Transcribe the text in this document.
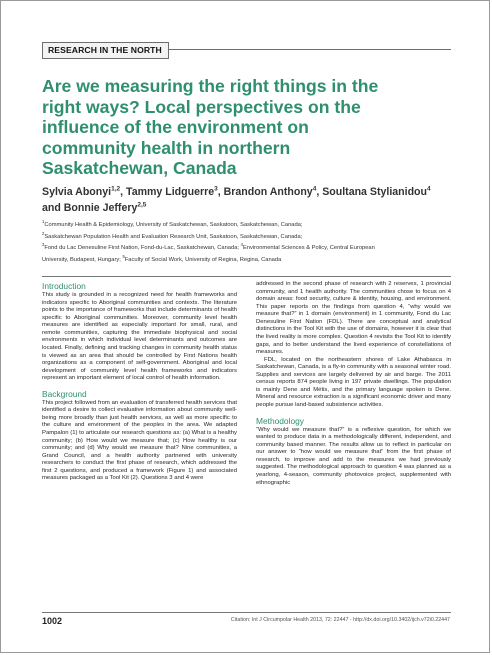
RESEARCH IN THE NORTH
Are we measuring the right things in the right ways? Local perspectives on the influence of the environment on community health in northern Saskatchewan, Canada

Sylvia Abonyi$^{1,2}$, Tammy Lidguerre$^3$, Brandon Anthony$^4$, Soultana Stylianidou$^4$ and Bonnie Jeffery$^{2,5}$

$^1$Community Health & Epidemiology, University of Saskatchewan, Saskatoon, Saskatchewan, Canada;
$^2$Saskatchewan Population Health and Evaluation Research Unit, Saskatoon, Saskatchewan, Canada;
$^3$Fond du Lac Denesuline First Nation, Fond-du-Lac, Saskatchewan, Canada; $^4$Environmental Sciences & Policy, Central European University, Budapest, Hungary; $^5$Faculty of Social Work, University of Regina, Regina, Canada

Introduction

This study is grounded in a recognized need for health frameworks and indicators specific to Aboriginal communities and contexts. The literature points to the importance of frameworks that include determinants of health specific to Aboriginal communities. Moreover, community level health measures are identified as especially important for small, rural, and remote communities, capturing the immediate biophysical and social environments in which individual level determinants and outcomes are located. Finally, defining and tracking changes in community health status is viewed as an area that should be controlled by First Nations health organizations as a component of self-government. Aboriginal and local development of community level health frameworks and indicators represent an important element of local control of health information.

Background

This project followed from an evaluation of transferred health services that identified a desire to collect evaluative information about community well-being more broadly than just health services, as well as more specific to the culture and environment of the peoples in the area. We adapted Pampalon (1) to articulate our research questions as: (a) What is a healthy community; (b) How would we measure that; (c) How healthy is our community; and (d) Why would we measure that? Nine communities, a Grand Council, and a health authority partnered with university researchers to conduct the first phase of research, which addressed the first 2 questions, and produced a framework (Figure 1) and associated measures packaged as a Tool Kit (2). Questions 3 and 4 were

addressed in the second phase of research with 2 reserves, 1 provincial community, and 1 health authority. The communities chose to focus on 4 domain areas: food security, culture & identity, housing, and environment. This paper reports on the findings from question 4, “why would we measure that?” in 1 domain (environment) in 1 community, Fond du Lac Denesuline First Nation (FDL). There are conceptual and analytical distinctions in the Tool Kit with the use of domains, however it is clear that the lived reality is more complex. Question 4 revisits the Tool Kit to identify gaps, and to better understand the lived experience of constellations of measures.

FDL, located on the northeastern shores of Lake Athabasca in Saskatchewan, Canada, is a fly-in community with a seasonal winter road. Supplies and services are largely delivered by air and barge. The 2011 census reports 874 people living in 197 private dwellings. The population is mainly Dene and Métis, and the primary language spoken is Dene. Mineral and resource extraction is a significant economic driver and many people pursue land-based subsistence activities.

Methodology

“Why would we measure that?” is a reflexive question, for which we wanted to produce data in a methodologically different, independent, and community based manner. The results allow us to reflect in particular on our answer to “how would we measure that” from the first phase of research, to improve and add to the measures we had previously suggested. The methodological approach to question 4 was planned as a yearlong, 4-season, community photovoice project, supplemented with ethnographic

1002	Citation: Int J Circumpolar Health 2013, 72: 22447 - http://dx.doi.org/10.3402/ijch.v72i0.22447
